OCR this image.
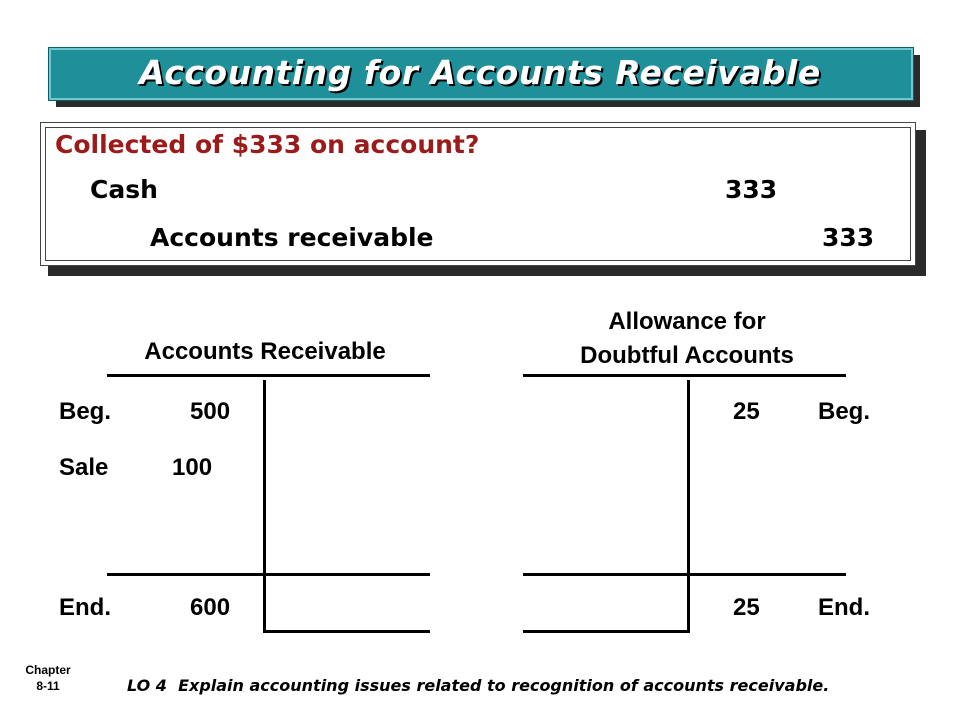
Accounting for Accounts Receivable
Collected of $333 on account?
Cash	333
Accounts receivable	333
Accounts Receivable
Beg.	500
Sale	100
End.	600
Allowance for
Doubtful Accounts
25 Beg.
25 End.
Chapter
8-11	LO 4  Explain accounting issues related to recognition of accounts receivable.
